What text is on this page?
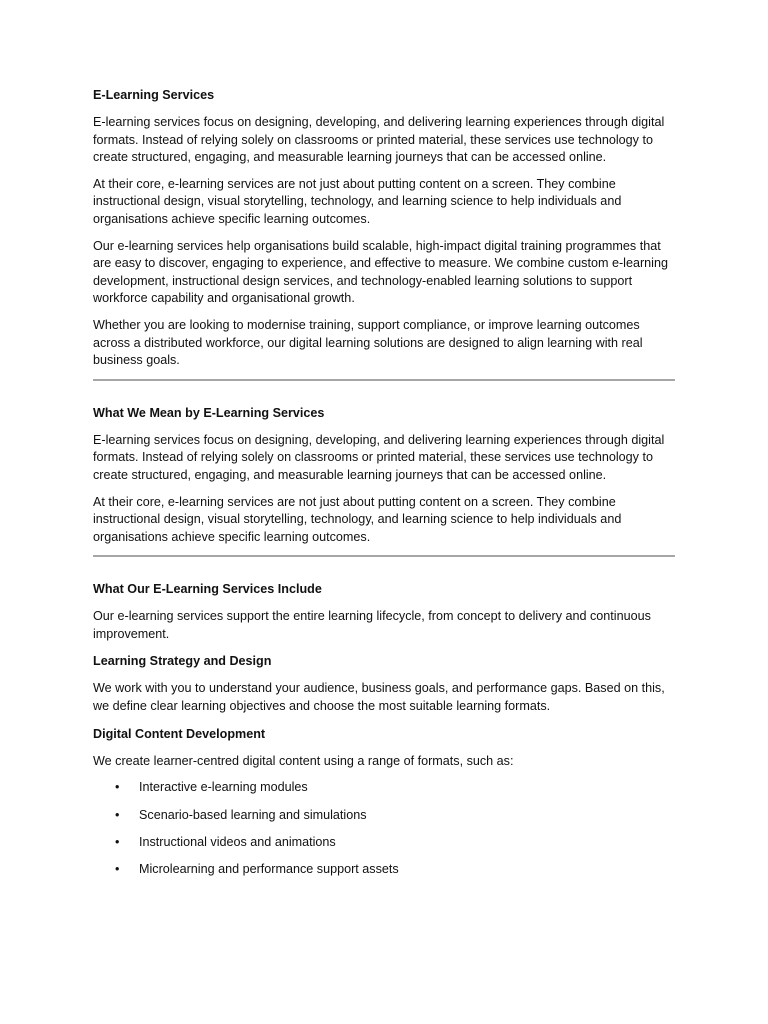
E-Learning Services

E-learning services focus on designing, developing, and delivering learning experiences through digital formats. Instead of relying solely on classrooms or printed material, these services use technology to create structured, engaging, and measurable learning journeys that can be accessed online.

At their core, e-learning services are not just about putting content on a screen. They combine instructional design, visual storytelling, technology, and learning science to help individuals and organisations achieve specific learning outcomes.

Our e-learning services help organisations build scalable, high-impact digital training programmes that are easy to discover, engaging to experience, and effective to measure. We combine custom e-learning development, instructional design services, and technology-enabled learning solutions to support workforce capability and organisational growth.

Whether you are looking to modernise training, support compliance, or improve learning outcomes across a distributed workforce, our digital learning solutions are designed to align learning with real business goals.

What We Mean by E-Learning Services

E-learning services focus on designing, developing, and delivering learning experiences through digital formats. Instead of relying solely on classrooms or printed material, these services use technology to create structured, engaging, and measurable learning journeys that can be accessed online.

At their core, e-learning services are not just about putting content on a screen. They combine instructional design, visual storytelling, technology, and learning science to help individuals and organisations achieve specific learning outcomes.

What Our E-Learning Services Include

Our e-learning services support the entire learning lifecycle, from concept to delivery and continuous improvement.

Learning Strategy and Design

We work with you to understand your audience, business goals, and performance gaps. Based on this, we define clear learning objectives and choose the most suitable learning formats.

Digital Content Development

We create learner-centred digital content using a range of formats, such as:

• Interactive e-learning modules
• Scenario-based learning and simulations
• Instructional videos and animations
• Microlearning and performance support assets
